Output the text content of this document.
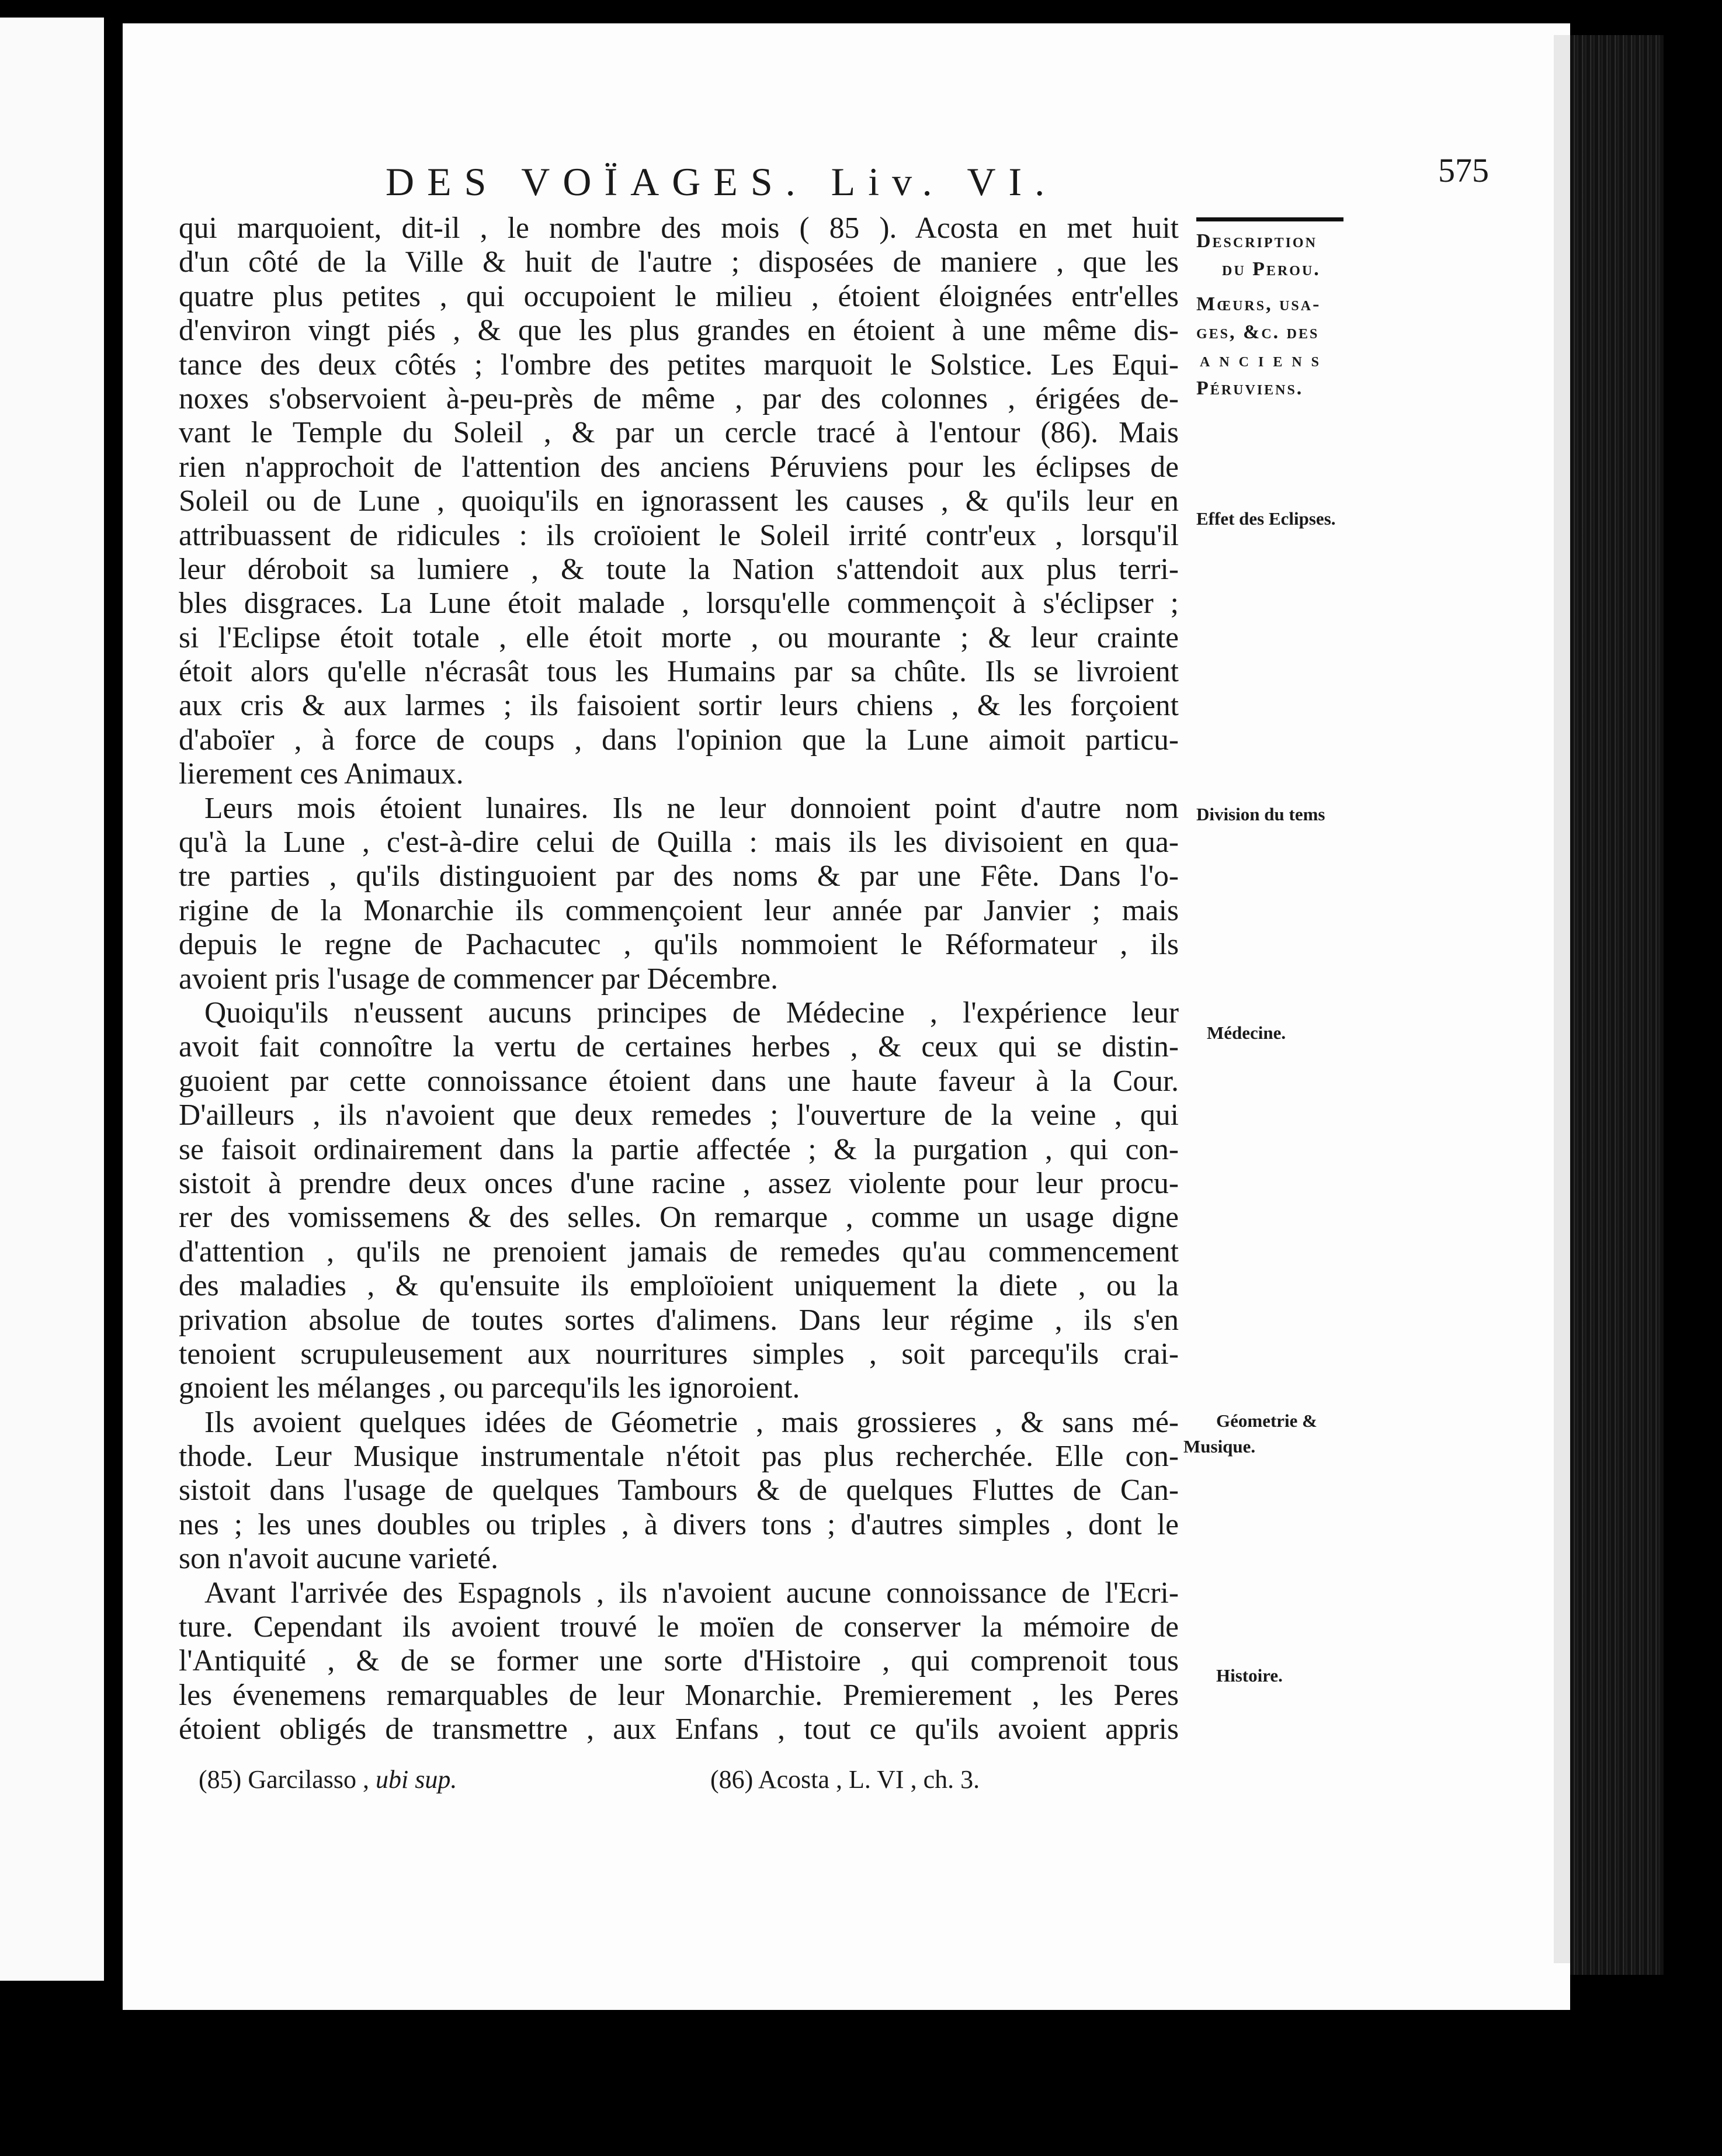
DES VOÏAGES. Liv. VI.	575
qui marquoient, dit-il , le nombre des mois ( 85 ). Acosta en met huit
d'un côté de la Ville & huit de l'autre ; disposées de maniere , que les
quatre plus petites , qui occupoient le milieu , étoient éloignées entr'elles
d'environ vingt piés , & que les plus grandes en étoient à une même dis-
tance des deux côtés ; l'ombre des petites marquoit le Solstice. Les Equi-
noxes s'observoient à-peu-près de même , par des colonnes , érigées de-
vant le Temple du Soleil , & par un cercle tracé à l'entour (86). Mais
rien n'approchoit de l'attention des anciens Péruviens pour les éclipses de
Soleil ou de Lune , quoiqu'ils en ignorassent les causes , & qu'ils leur en
attribuassent de ridicules : ils croïoient le Soleil irrité contr'eux , lorsqu'il
leur déroboit sa lumiere , & toute la Nation s'attendoit aux plus terri-
bles disgraces. La Lune étoit malade , lorsqu'elle commençoit à s'éclipser ;
si l'Eclipse étoit totale , elle étoit morte , ou mourante ; & leur crainte
étoit alors qu'elle n'écrasât tous les Humains par sa chûte. Ils se livroient
aux cris & aux larmes ; ils faisoient sortir leurs chiens , & les forçoient
d'aboïer , à force de coups , dans l'opinion que la Lune aimoit particu-
lierement ces Animaux.
Leurs mois étoient lunaires. Ils ne leur donnoient point d'autre nom
qu'à la Lune , c'est-à-dire celui de Quilla : mais ils les divisoient en qua-
tre parties , qu'ils distinguoient par des noms & par une Fête. Dans l'o-
rigine de la Monarchie ils commençoient leur année par Janvier ; mais
depuis le regne de Pachacutec , qu'ils nommoient le Réformateur , ils
avoient pris l'usage de commencer par Décembre.
Quoiqu'ils n'eussent aucuns principes de Médecine , l'expérience leur
avoit fait connoître la vertu de certaines herbes , & ceux qui se distin-
guoient par cette connoissance étoient dans une haute faveur à la Cour.
D'ailleurs , ils n'avoient que deux remedes ; l'ouverture de la veine , qui
se faisoit ordinairement dans la partie affectée ; & la purgation , qui con-
sistoit à prendre deux onces d'une racine , assez violente pour leur procu-
rer des vomissemens & des selles. On remarque , comme un usage digne
d'attention , qu'ils ne prenoient jamais de remedes qu'au commencement
des maladies , & qu'ensuite ils emploïoient uniquement la diete , ou la
privation absolue de toutes sortes d'alimens. Dans leur régime , ils s'en
tenoient scrupuleusement aux nourritures simples , soit parcequ'ils crai-
gnoient les mélanges , ou parcequ'ils les ignoroient.
Ils avoient quelques idées de Géometrie , mais grossieres , & sans mé-
thode. Leur Musique instrumentale n'étoit pas plus recherchée. Elle con-
sistoit dans l'usage de quelques Tambours & de quelques Fluttes de Can-
nes ; les unes doubles ou triples , à divers tons ; d'autres simples , dont le
son n'avoit aucune varieté.
Avant l'arrivée des Espagnols , ils n'avoient aucune connoissance de l'Ecri-
ture. Cependant ils avoient trouvé le moïen de conserver la mémoire de
l'Antiquité , & de se former une sorte d'Histoire , qui comprenoit tous
les évenemens remarquables de leur Monarchie. Premierement , les Peres
étoient obligés de transmettre , aux Enfans , tout ce qu'ils avoient appris
Description
du Perou.
Mœurs, usa-
ges, &c. des
anciens
Péruviens.
Effet des Eclipses.
Division du tems
Médecine.
Géometrie &
Musique.
Histoire.
(85) Garcilasso , ubi sup.	(86) Acosta , L. VI , ch. 3.
